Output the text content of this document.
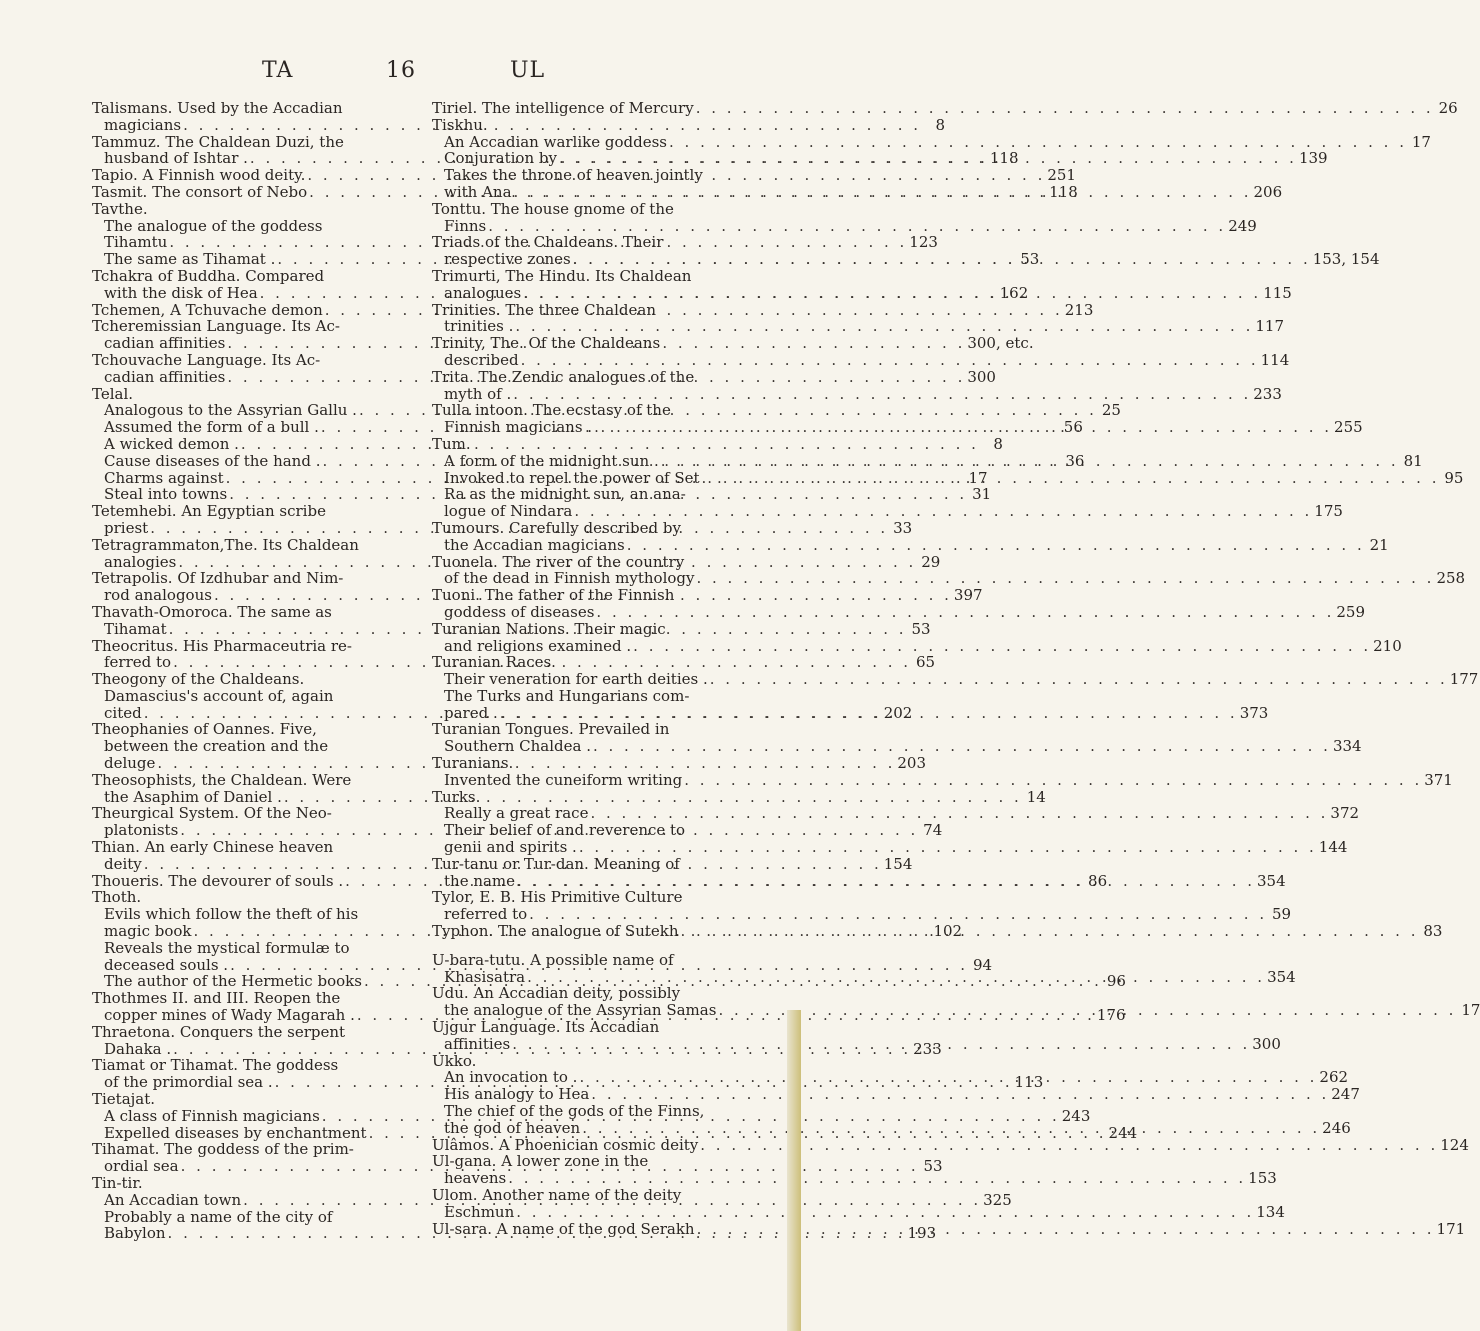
TA	16	UL
Talismans. Used by the Accadian
magicians . . .	8
Tammuz. The Chaldean Duzi, the
husband of Ishtar . . . .	118
Tapio. A Finnish wood deity. . . .	251
Tasmit. The consort of Nebo . . .	118
Tavthe.
The analogue of the goddess
Tihamtu . . .	123
The same as Tihamat . . . .	53
Tchakra of Buddha. Compared
with the disk of Hea . . .	162
Tchemen, A Tchuvache demon . . .	213
Tcheremissian Language. Its Ac-
cadian affinities . . .	300, etc.
Tchouvache Language. Its Ac-
cadian affinities . . .	300
Telal.
Analogous to the Assyrian Gallu . . . .	25
Assumed the form of a bull . . . .	56
A wicked demon . . . .	8
Cause diseases of the hand . . . .	36
Charms against . . .	17
Steal into towns . . .	31
Tetemhebi. An Egyptian scribe
priest . . .	33
Tetragrammaton,The. Its Chaldean
analogies . . .	29
Tetrapolis. Of Izdhubar and Nim-
rod analogous . . .	397
Thavath-Omoroca. The same as
Tihamat . . .	53
Theocritus. His Pharmaceutria re-
ferred to . . .	65
Theogony of the Chaldeans.
Damascius's account of, again
cited . . .	202
Theophanies of Oannes. Five,
between the creation and the
deluge . . .	203
Theosophists, the Chaldean. Were
the Asaphim of Daniel . . . .	14
Theurgical System. Of the Neo-
platonists . . .	74
Thian. An early Chinese heaven
deity . . .	154
Thoueris. The devourer of souls . . . .	86
Thoth.
Evils which follow the theft of his
magic book . . .	102
Reveals the mystical formulæ to
deceased souls . . . .	94
The author of the Hermetic books . . .	96
Thothmes II. and III. Reopen the
copper mines of Wady Magarah . . . .	176
Thraetona. Conquers the serpent
Dahaka . . . .	233
Tiamat or Tihamat. The goddess
of the primordial sea . . . .	113
Tietajat.
A class of Finnish magicians . . .	243
Expelled diseases by enchantment . . .	244
Tihamat. The goddess of the prim-
ordial sea . . .	53
Tin-tir.
An Accadian town . . .	325
Probably a name of the city of
Babylon . . .	193
Tiriel. The intelligence of Mercury . . .	26
Tiskhu.
An Accadian warlike goddess . . .	17
Conjuration by . . .	139
Takes the throne of heaven jointly
with Ana . . .	206
Tonttu. The house gnome of the
Finns . . .	249
Triads of the Chaldeans. Their
respective zones . . .	153, 154
Trimurti, The Hindu. Its Chaldean
analogues . . .	115
Trinities. The three Chaldean
trinities . . . .	117
Trinity, The. Of the Chaldeans
described . . .	114
Trita. The Zendic analogues of the
myth of . . . .	233
Tulla intoon. The ecstasy of the
Finnish magicians . . . .	255
Tum.
A form of the midnight sun . . . .	81
Invoked to repel the power of Set . . .	95
Ra as the midnight sun, an ana-
logue of Nindara . . .	175
Tumours. Carefully described by
the Accadian magicians . . .	21
Tuonela. The river of the country
of the dead in Finnish mythology . . .	258
Tuoni. The father of the Finnish
goddess of diseases . . .	259
Turanian Nations. Their magic
and religions examined . . . .	210
Turanian Races.
Their veneration for earth deities . . . .	177
The Turks and Hungarians com-
pared . . . .	373
Turanian Tongues. Prevailed in
Southern Chaldea . . . .	334
Turanians.
Invented the cuneiform writing . . .	371
Turks.
Really a great race . . .	372
Their belief of and reverence to
genii and spirits . . . .	144
Tur-tanu or Tur-dan. Meaning of
the name . . .	354
Tylor, E. B. His Primitive Culture
referred to . . .	59
Typhon. The analogue of Sutekh . . .	83
U-bara-tutu. A possible name of
Khasisatra . . .	354
Udu. An Accadian deity, possibly
the analogue of the Assyrian Samas . . .	17
Ujgur Language. Its Accadian
affinities . . .	300
Ukko.
An invocation to . . . .	262
His analogy to Hea . . .	247
The chief of the gods of the Finns,
the god of heaven . . .	246
Ulâmos. A Phoenician cosmic deity . . .	124
Ul-gana. A lower zone in the
heavens . . .	153
Ulom. Another name of the deity
Eschmun . . .	134
Ul-sara. A name of the god Serakh . . .	171
